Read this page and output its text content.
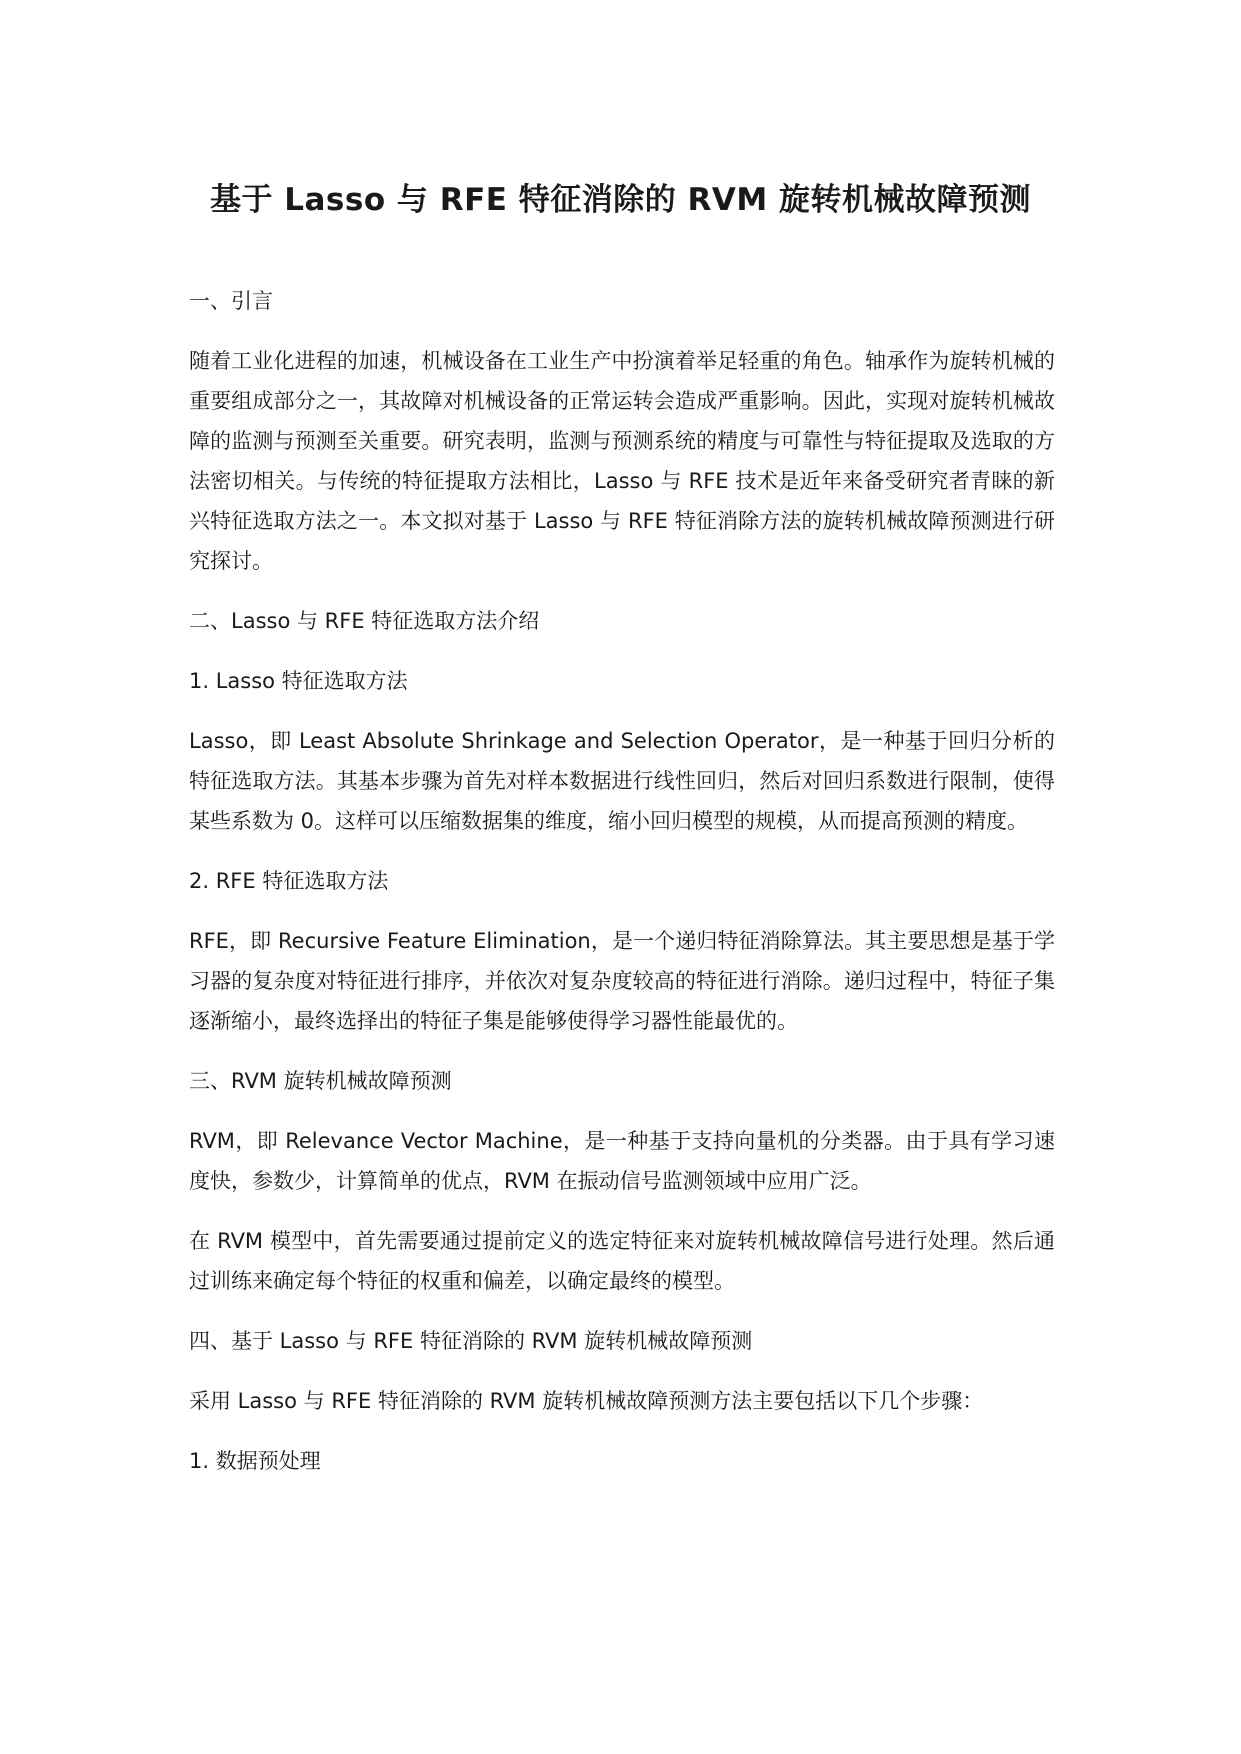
基于 Lasso 与 RFE 特征消除的 RVM 旋转机械故障预测
一、引言
随着工业化进程的加速，机械设备在工业生产中扮演着举足轻重的角色。轴承作为旋转机械的重要组成部分之一，其故障对机械设备的正常运转会造成严重影响。因此，实现对旋转机械故障的监测与预测至关重要。研究表明，监测与预测系统的精度与可靠性与特征提取及选取的方法密切相关。与传统的特征提取方法相比，Lasso 与 RFE 技术是近年来备受研究者青睐的新兴特征选取方法之一。本文拟对基于 Lasso 与 RFE 特征消除方法的旋转机械故障预测进行研究探讨。
二、Lasso 与 RFE 特征选取方法介绍
1. Lasso 特征选取方法
Lasso，即 Least Absolute Shrinkage and Selection Operator，是一种基于回归分析的特征选取方法。其基本步骤为首先对样本数据进行线性回归，然后对回归系数进行限制，使得某些系数为 0。这样可以压缩数据集的维度，缩小回归模型的规模，从而提高预测的精度。
2. RFE 特征选取方法
RFE，即 Recursive Feature Elimination，是一个递归特征消除算法。其主要思想是基于学习器的复杂度对特征进行排序，并依次对复杂度较高的特征进行消除。递归过程中，特征子集逐渐缩小，最终选择出的特征子集是能够使得学习器性能最优的。
三、RVM 旋转机械故障预测
RVM，即 Relevance Vector Machine，是一种基于支持向量机的分类器。由于具有学习速度快，参数少，计算简单的优点，RVM 在振动信号监测领域中应用广泛。
在 RVM 模型中，首先需要通过提前定义的选定特征来对旋转机械故障信号进行处理。然后通过训练来确定每个特征的权重和偏差，以确定最终的模型。
四、基于 Lasso 与 RFE 特征消除的 RVM 旋转机械故障预测
采用 Lasso 与 RFE 特征消除的 RVM 旋转机械故障预测方法主要包括以下几个步骤：
1. 数据预处理
